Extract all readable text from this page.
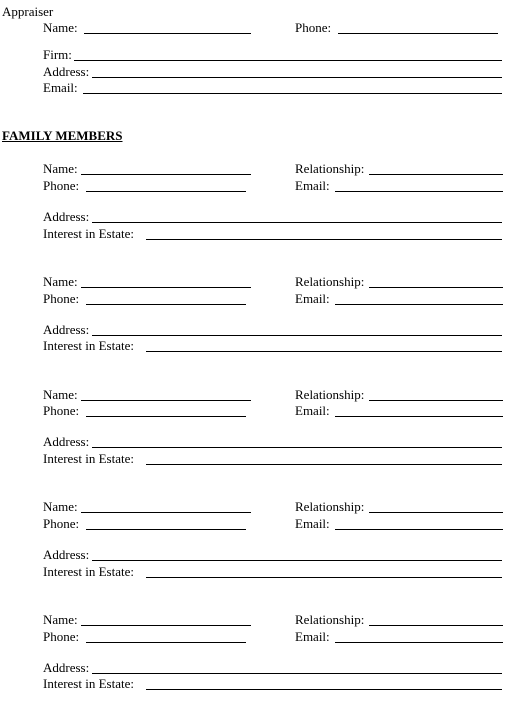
Appraiser
Name:	Phone:
Firm:
Address:
Email:
FAMILY MEMBERS
Name:	Relationship:
Phone:	Email:
Address:
Interest in Estate:
Name:	Relationship:
Phone:	Email:
Address:
Interest in Estate:
Name:	Relationship:
Phone:	Email:
Address:
Interest in Estate:
Name:	Relationship:
Phone:	Email:
Address:
Interest in Estate:
Name:	Relationship:
Phone:	Email:
Address:
Interest in Estate:
